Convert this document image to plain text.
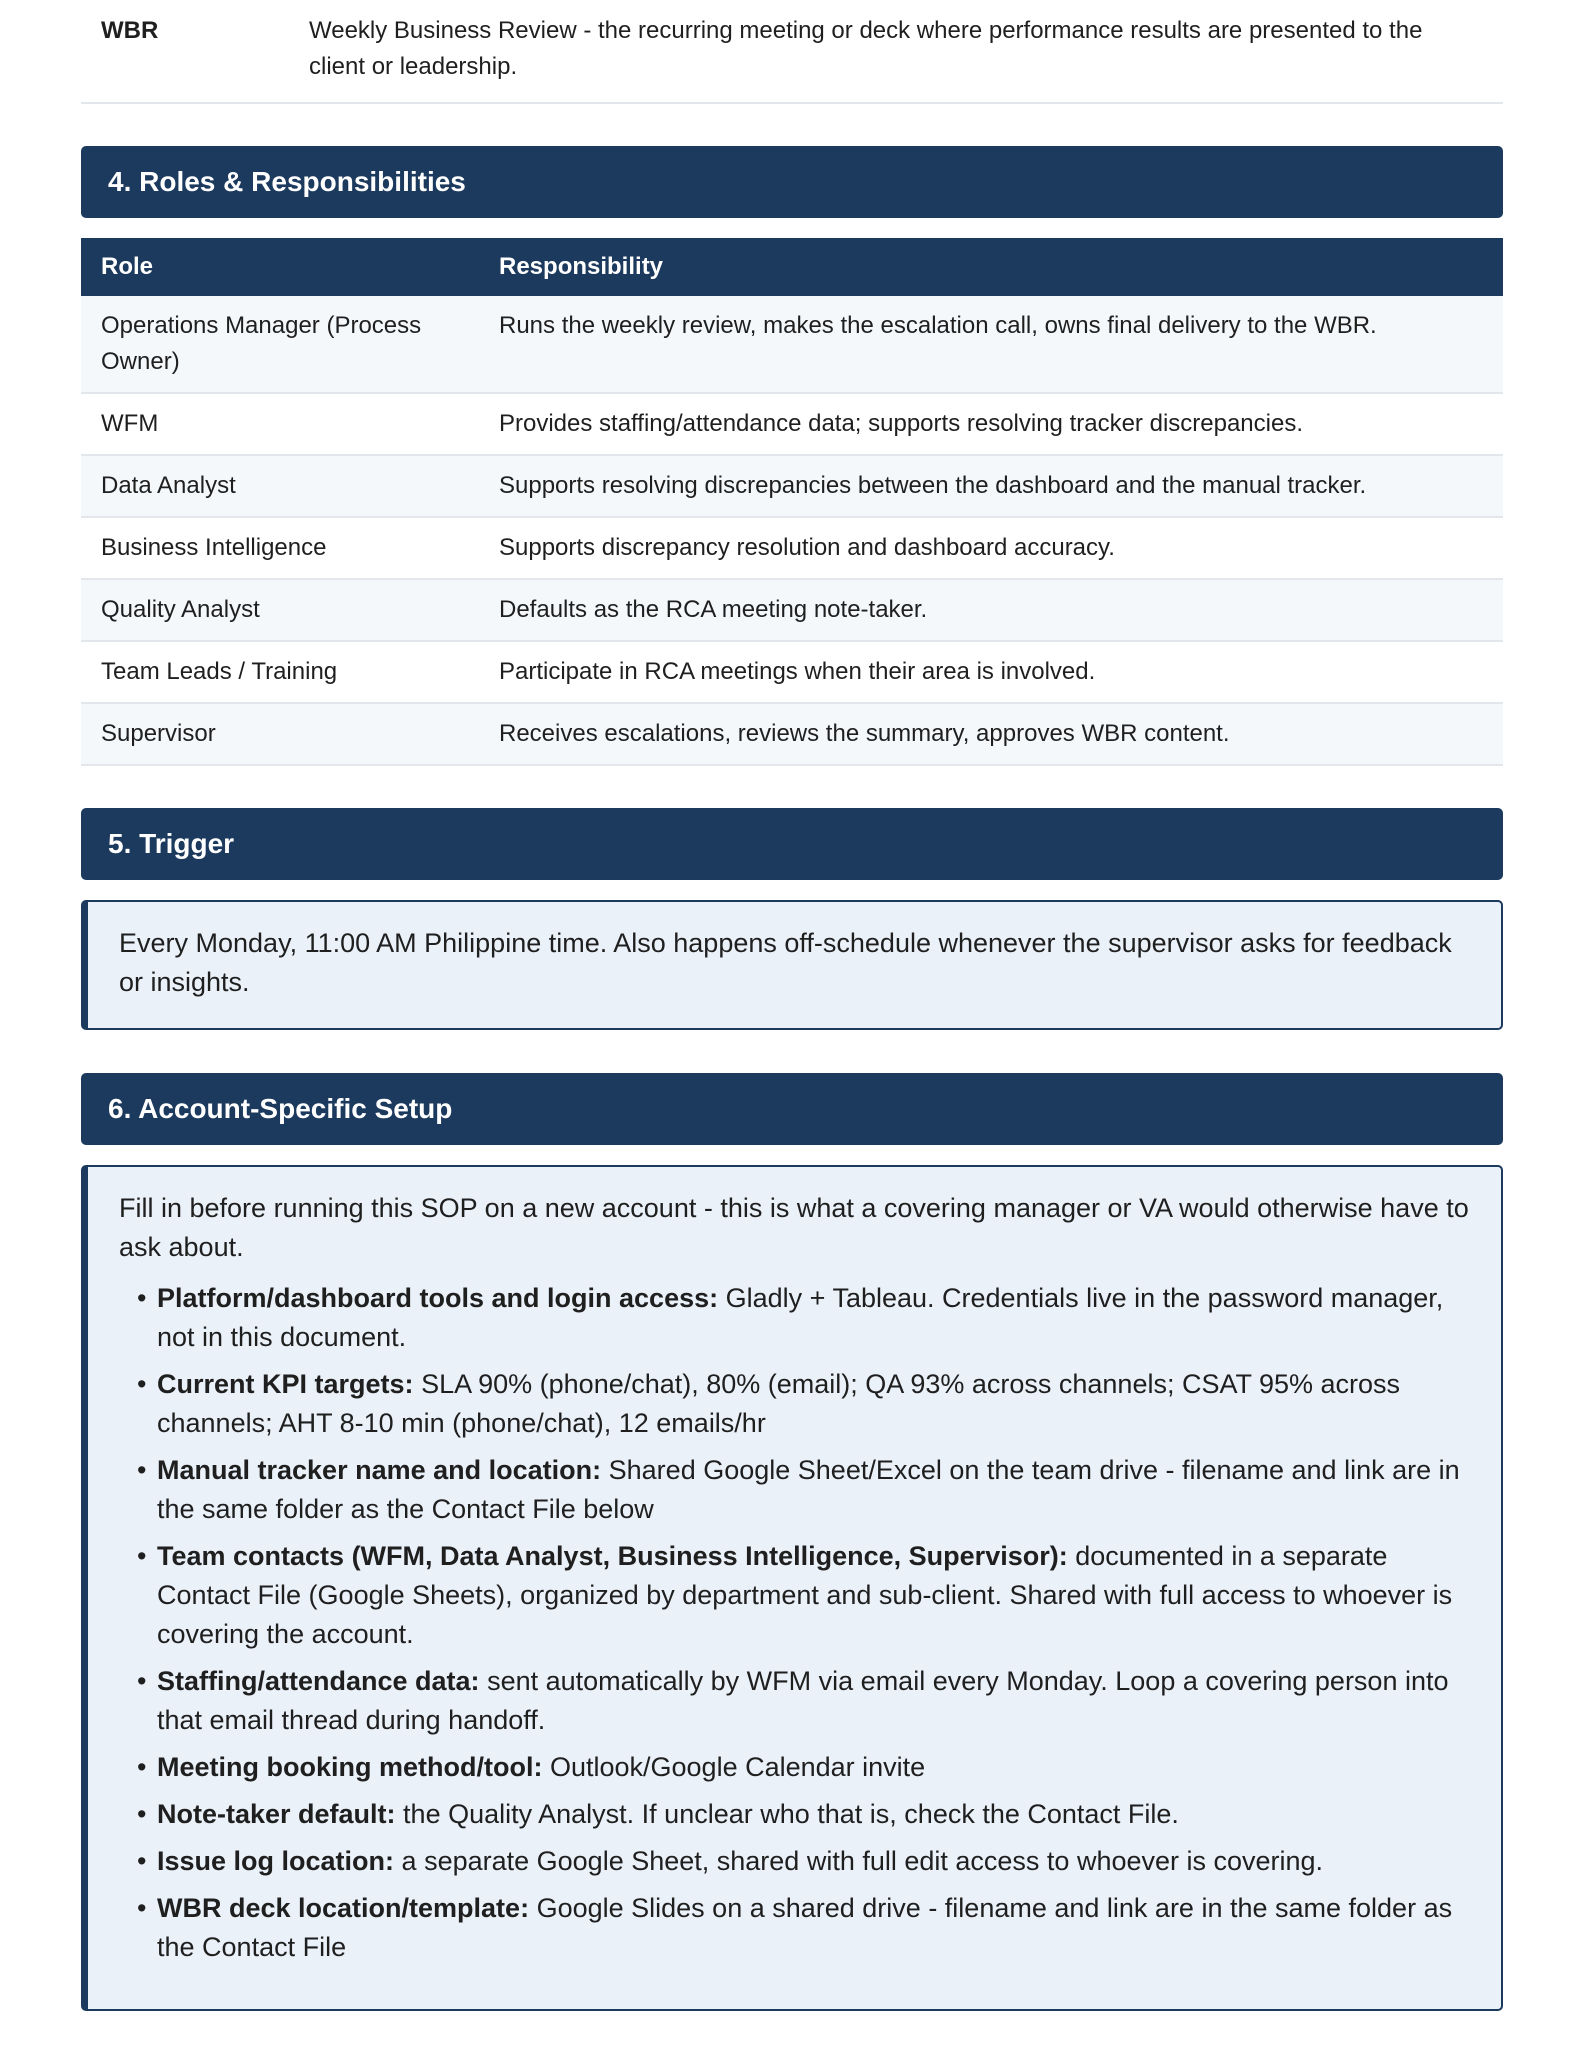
WBR	Weekly Business Review - the recurring meeting or deck where performance results are presented to the client or leadership.
4. Roles & Responsibilities
Role	Responsibility
Operations Manager (Process Owner)	Runs the weekly review, makes the escalation call, owns final delivery to the WBR.
WFM	Provides staffing/attendance data; supports resolving tracker discrepancies.
Data Analyst	Supports resolving discrepancies between the dashboard and the manual tracker.
Business Intelligence	Supports discrepancy resolution and dashboard accuracy.
Quality Analyst	Defaults as the RCA meeting note-taker.
Team Leads / Training	Participate in RCA meetings when their area is involved.
Supervisor	Receives escalations, reviews the summary, approves WBR content.
5. Trigger
Every Monday, 11:00 AM Philippine time. Also happens off-schedule whenever the supervisor asks for feedback or insights.
6. Account-Specific Setup
Fill in before running this SOP on a new account - this is what a covering manager or VA would otherwise have to ask about.
• Platform/dashboard tools and login access: Gladly + Tableau. Credentials live in the password manager, not in this document.
• Current KPI targets: SLA 90% (phone/chat), 80% (email); QA 93% across channels; CSAT 95% across channels; AHT 8-10 min (phone/chat), 12 emails/hr
• Manual tracker name and location: Shared Google Sheet/Excel on the team drive - filename and link are in the same folder as the Contact File below
• Team contacts (WFM, Data Analyst, Business Intelligence, Supervisor): documented in a separate Contact File (Google Sheets), organized by department and sub-client. Shared with full access to whoever is covering the account.
• Staffing/attendance data: sent automatically by WFM via email every Monday. Loop a covering person into that email thread during handoff.
• Meeting booking method/tool: Outlook/Google Calendar invite
• Note-taker default: the Quality Analyst. If unclear who that is, check the Contact File.
• Issue log location: a separate Google Sheet, shared with full edit access to whoever is covering.
• WBR deck location/template: Google Slides on a shared drive - filename and link are in the same folder as the Contact File
